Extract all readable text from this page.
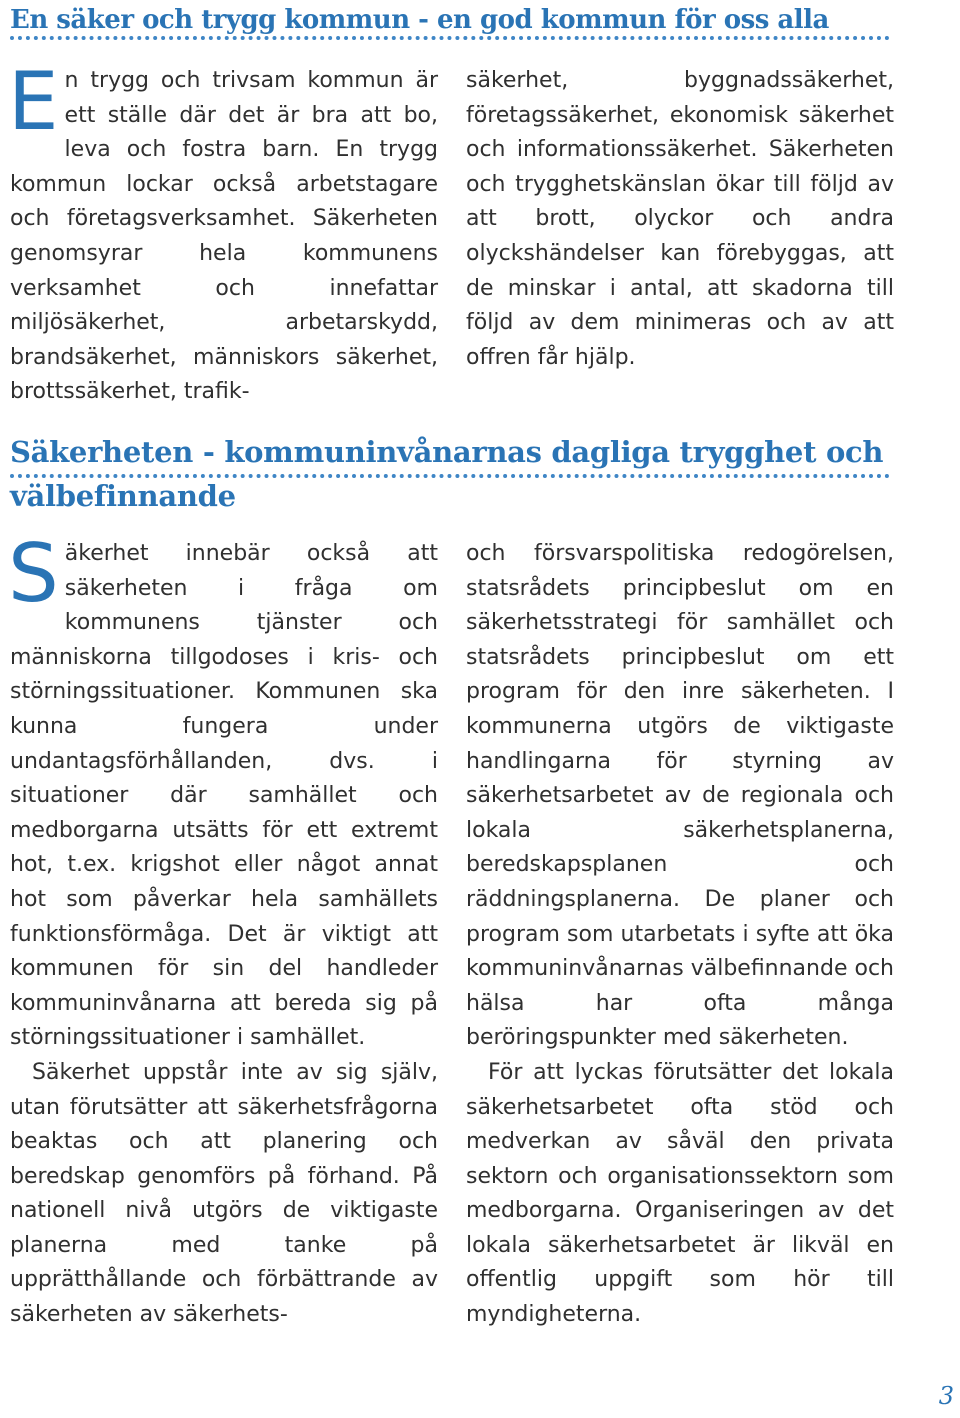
En säker och trygg kommun - en god kommun för oss alla
En trygg och trivsam kommun är ett ställe där det är bra att bo, leva och fostra barn. En trygg kommun lockar också arbetstagare och företagsverksamhet. Säkerheten genomsyrar hela kommunens verksamhet och innefattar miljösäkerhet, arbetarskydd, brandsäkerhet, människors säkerhet, brottssäkerhet, trafik-
säkerhet, byggnadssäkerhet, företagssäkerhet, ekonomisk säkerhet och informationssäkerhet. Säkerheten och trygghetskänslan ökar till följd av att brott, olyckor och andra olyckshändelser kan förebyggas, att de minskar i antal, att skadorna till följd av dem minimeras och av att offren får hjälp.
Säkerheten - kommuninvånarnas dagliga trygghet och
välbefinnande

Säkerhet innebär också att säkerheten i fråga om kommunens tjänster och människorna tillgodoses i kris- och störningssituationer. Kommunen ska kunna fungera under undantagsförhållanden, dvs. i situationer där samhället och medborgarna utsätts för ett extremt hot, t.ex. krigshot eller något annat hot som påverkar hela samhällets funktionsförmåga. Det är viktigt att kommunen för sin del handleder kommuninvånarna att bereda sig på störningssituationer i samhället.

Säkerhet uppstår inte av sig själv, utan förutsätter att säkerhetsfrågorna beaktas och att planering och beredskap genomförs på förhand. På nationell nivå utgörs de viktigaste planerna med tanke på upprätthållande och förbättrande av säkerheten av säkerhets-

och försvarspolitiska redogörelsen, statsrådets principbeslut om en säkerhetsstrategi för samhället och statsrådets principbeslut om ett program för den inre säkerheten. I kommunerna utgörs de viktigaste handlingarna för styrning av säkerhetsarbetet av de regionala och lokala säkerhetsplanerna, beredskapsplanen och räddningsplanerna. De planer och program som utarbetats i syfte att öka kommuninvånarnas välbefinnande och hälsa har ofta många beröringspunkter med säkerheten.

För att lyckas förutsätter det lokala säkerhetsarbetet ofta stöd och medverkan av såväl den privata sektorn och organisationssektorn som medborgarna. Organiseringen av det lokala säkerhetsarbetet är likväl en offentlig uppgift som hör till myndigheterna.

3
